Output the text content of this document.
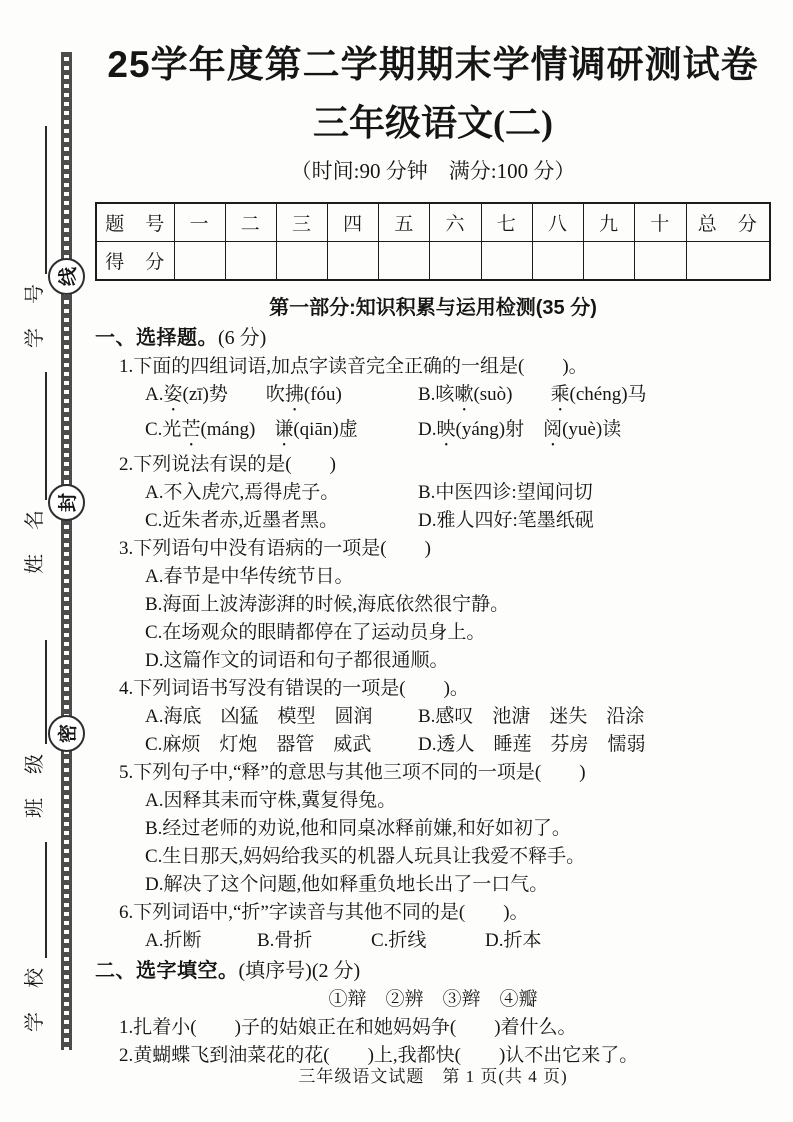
线
封
密
学　校
班　级
姓　名
学　号
25学年度第二学期期末学情调研测试卷
三年级语文(二)
（时间:90 分钟　满分:100 分）
题　号	一	二	三	四	五	六	七	八	九	十	总　分
得　分											
第一部分:知识积累与运用检测(35 分)
一、选择题。(6 分)
1.下面的四组词语,加点字读音完全正确的一组是(　　)。
A.姿(zī)势　　吹拂(fóu)	B.咳嗽(suò)　　乘(chéng)马
C.光芒(máng)　谦(qiān)虚	D.映(yáng)射　阅(yuè)读
2.下列说法有误的是(　　)
A.不入虎穴,焉得虎子。	B.中医四诊:望闻问切
C.近朱者赤,近墨者黑。	D.雅人四好:笔墨纸砚
3.下列语句中没有语病的一项是(　　)
A.春节是中华传统节日。
B.海面上波涛澎湃的时候,海底依然很宁静。
C.在场观众的眼睛都停在了运动员身上。
D.这篇作文的词语和句子都很通顺。
4.下列词语书写没有错误的一项是(　　)。
A.海底　凶猛　模型　圆润	B.感叹　池溏　迷失　沿涂
C.麻烦　灯炮　器管　威武	D.透人　睡莲　芬房　懦弱
5.下列句子中,“释”的意思与其他三项不同的一项是(　　)
A.因释其耒而守株,冀复得兔。
B.经过老师的劝说,他和同桌冰释前嫌,和好如初了。
C.生日那天,妈妈给我买的机器人玩具让我爱不释手。
D.解决了这个问题,他如释重负地长出了一口气。
6.下列词语中,“折”字读音与其他不同的是(　　)。
A.折断	B.骨折	C.折线	D.折本
二、选字填空。(填序号)(2 分)
①辩　②辨　③辫　④瓣
1.扎着小(　　)子的姑娘正在和她妈妈争(　　)着什么。
2.黄蝴蝶飞到油菜花的花(　　)上,我都快(　　)认不出它来了。
三年级语文试题　第 1 页(共 4 页)
